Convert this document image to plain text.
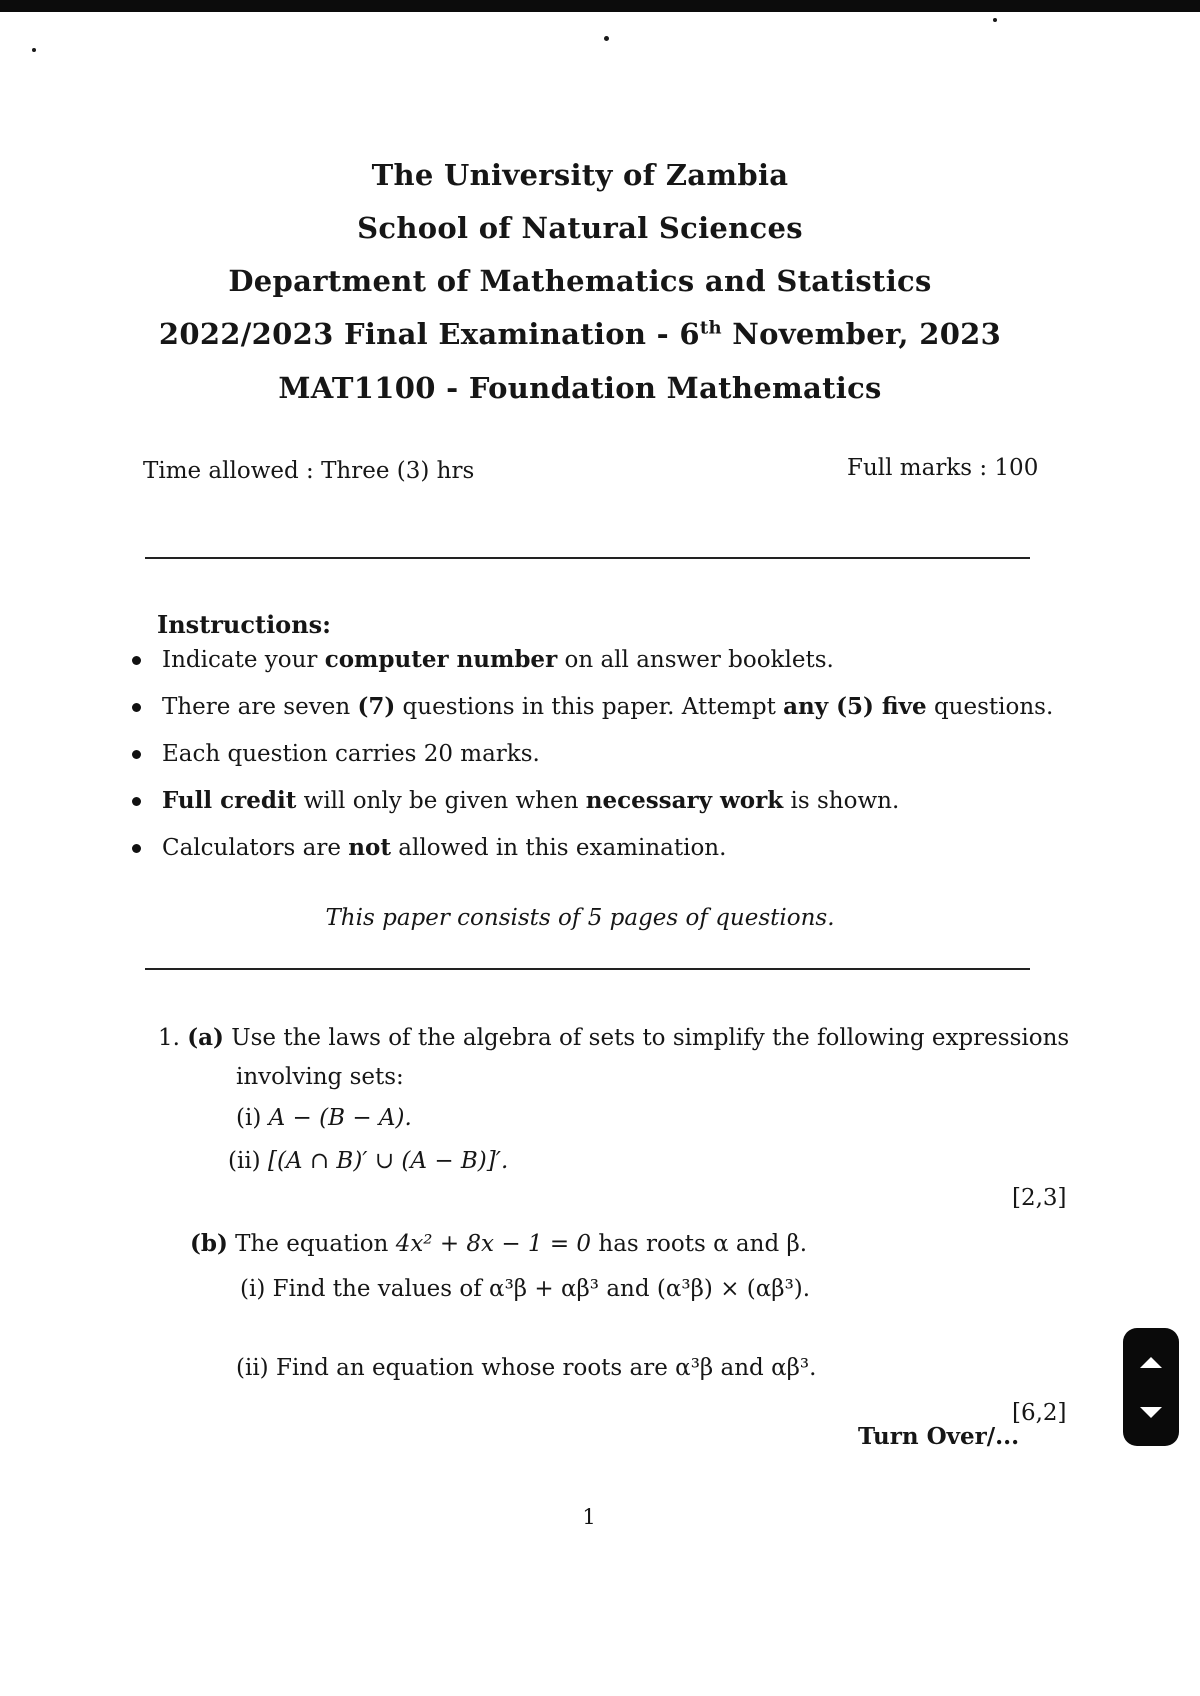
The University of Zambia
School of Natural Sciences
Department of Mathematics and Statistics
2022/2023 Final Examination - 6th November, 2023
MAT1100 - Foundation Mathematics
Time allowed : Three (3) hrs	Full marks : 100
Instructions:
Indicate your computer number on all answer booklets.
There are seven (7) questions in this paper. Attempt any (5) five questions.
Each question carries 20 marks.
Full credit will only be given when necessary work is shown.
Calculators are not allowed in this examination.
This paper consists of 5 pages of questions.
1. (a) Use the laws of the algebra of sets to simplify the following expressions
involving sets:
(i) A − (B − A).
(ii) [(A ∩ B)′ ∪ (A − B)]′.
[2,3]
(b) The equation 4x² + 8x − 1 = 0 has roots α and β.
(i) Find the values of α³β + αβ³ and (α³β) × (αβ³).
(ii) Find an equation whose roots are α³β and αβ³.
[6,2]
Turn Over/...
1
